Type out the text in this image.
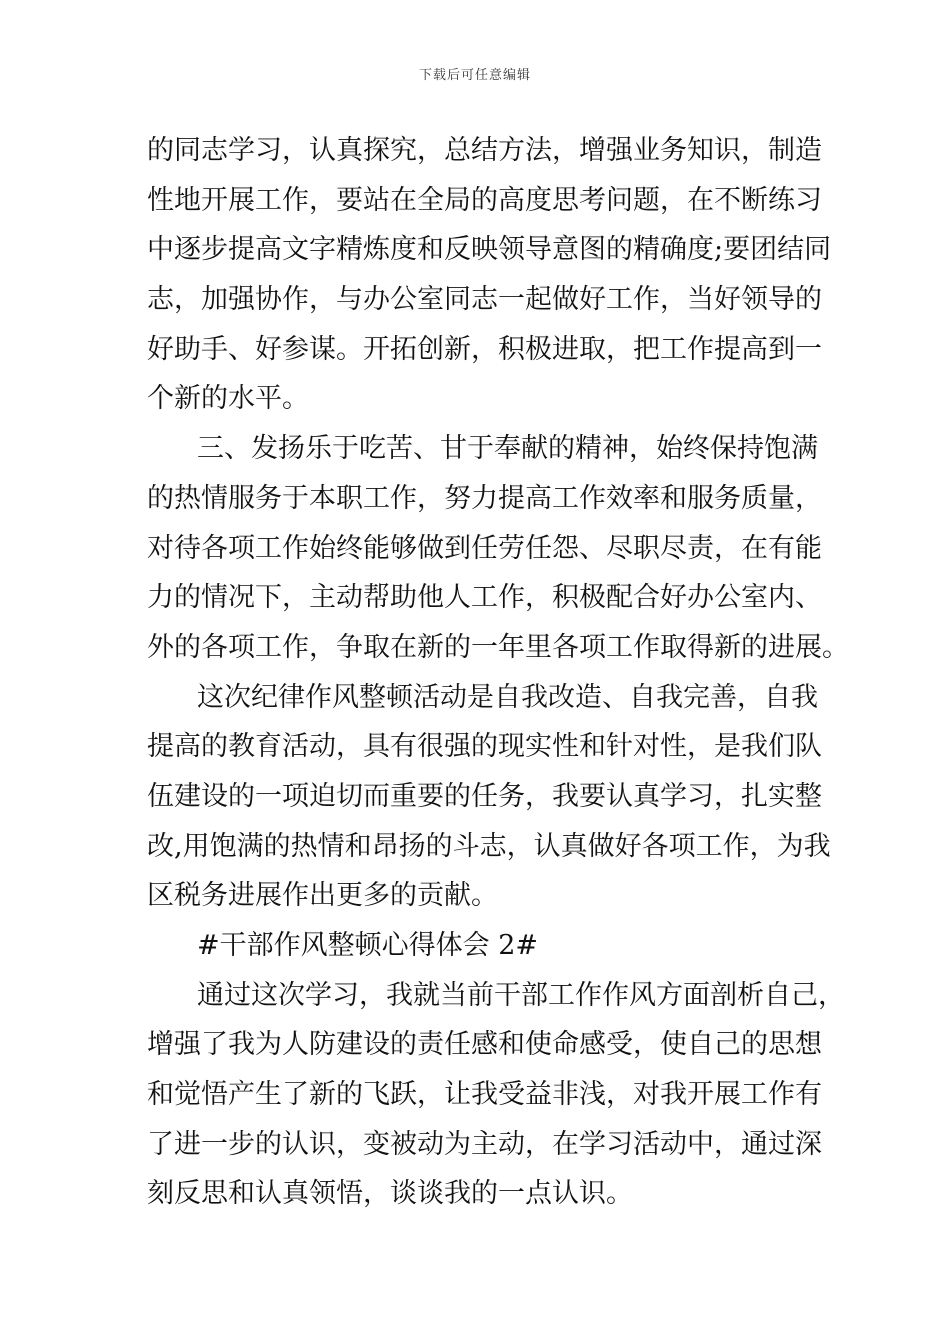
下载后可任意编辑
的同志学习，认真探究，总结方法，增强业务知识，制造
性地开展工作，要站在全局的高度思考问题，在不断练习
中逐步提高文字精炼度和反映领导意图的精确度;要团结同
志，加强协作，与办公室同志一起做好工作，当好领导的
好助手、好参谋。开拓创新，积极进取，把工作提高到一
个新的水平。
三、发扬乐于吃苦、甘于奉献的精神，始终保持饱满
的热情服务于本职工作，努力提高工作效率和服务质量，
对待各项工作始终能够做到任劳任怨、尽职尽责，在有能
力的情况下，主动帮助他人工作，积极配合好办公室内、
外的各项工作，争取在新的一年里各项工作取得新的进展。
这次纪律作风整顿活动是自我改造、自我完善，自我
提高的教育活动，具有很强的现实性和针对性，是我们队
伍建设的一项迫切而重要的任务，我要认真学习，扎实整
改,用饱满的热情和昂扬的斗志，认真做好各项工作，为我
区税务进展作出更多的贡献。
#干部作风整顿心得体会 2#
通过这次学习，我就当前干部工作作风方面剖析自己，
增强了我为人防建设的责任感和使命感受，使自己的思想
和觉悟产生了新的飞跃，让我受益非浅，对我开展工作有
了进一步的认识，变被动为主动，在学习活动中，通过深
刻反思和认真领悟，谈谈我的一点认识。
